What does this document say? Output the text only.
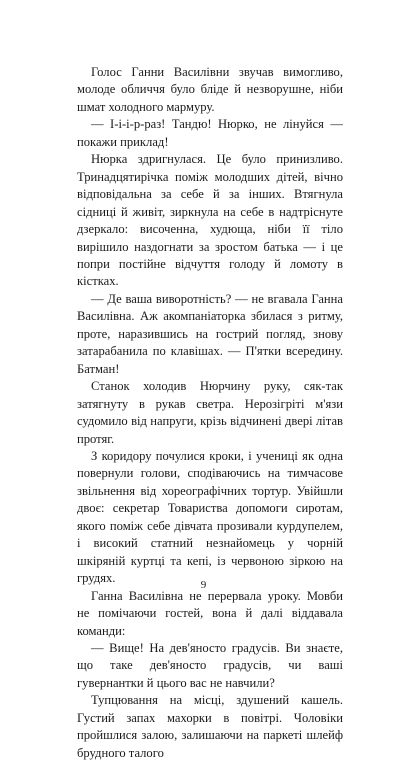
Голос Ганни Василівни звучав вимогливо, молоде обличчя було бліде й незворушне, ніби шмат холодного мармуру.

— І-і-і-р-раз! Тандю! Нюрко, не лінуйся — покажи приклад!

Нюрка здригнулася. Це було принизливо. Тринадцятирічка поміж молодших дітей, вічно відповідальна за себе й за інших. Втягнула сідниці й живіт, зиркнула на себе в надтріснуте дзеркало: височенна, худюща, ніби її тіло вирішило наздогнати за зростом батька — і це попри постійне відчуття голоду й ломоту в кістках.

— Де ваша виворотність? — не вгавала Ганна Василівна. Аж акомпаніаторка збилася з ритму, проте, наразившись на гострий погляд, знову затарабанила по клавішах. — П'ятки всередину. Батман!

Станок холодив Нюрчину руку, сяк-так затягнуту в рукав светра. Нерозігріті м'язи судомило від напруги, крізь відчинені двері літав протяг.

З коридору почулися кроки, і учениці як одна повернули голови, сподіваючись на тимчасове звільнення від хореографічних тортур. Увійшли двоє: секретар Товариства допомоги сиротам, якого поміж себе дівчата прозивали курдупелем, і високий статний незнайомець у чорній шкіряній куртці та кепі, із червоною зіркою на грудях.

Ганна Василівна не перервала уроку. Мовби не помічаючи гостей, вона й далі віддавала команди:

— Вище! На дев'яносто градусів. Ви знаєте, що таке дев'яносто градусів, чи ваші гувернантки й цього вас не навчили?

Тупцювання на місці, здушений кашель. Густий запах махорки в повітрі. Чоловіки пройшлися залою, залишаючи на паркеті шлейф брудного талого

9
